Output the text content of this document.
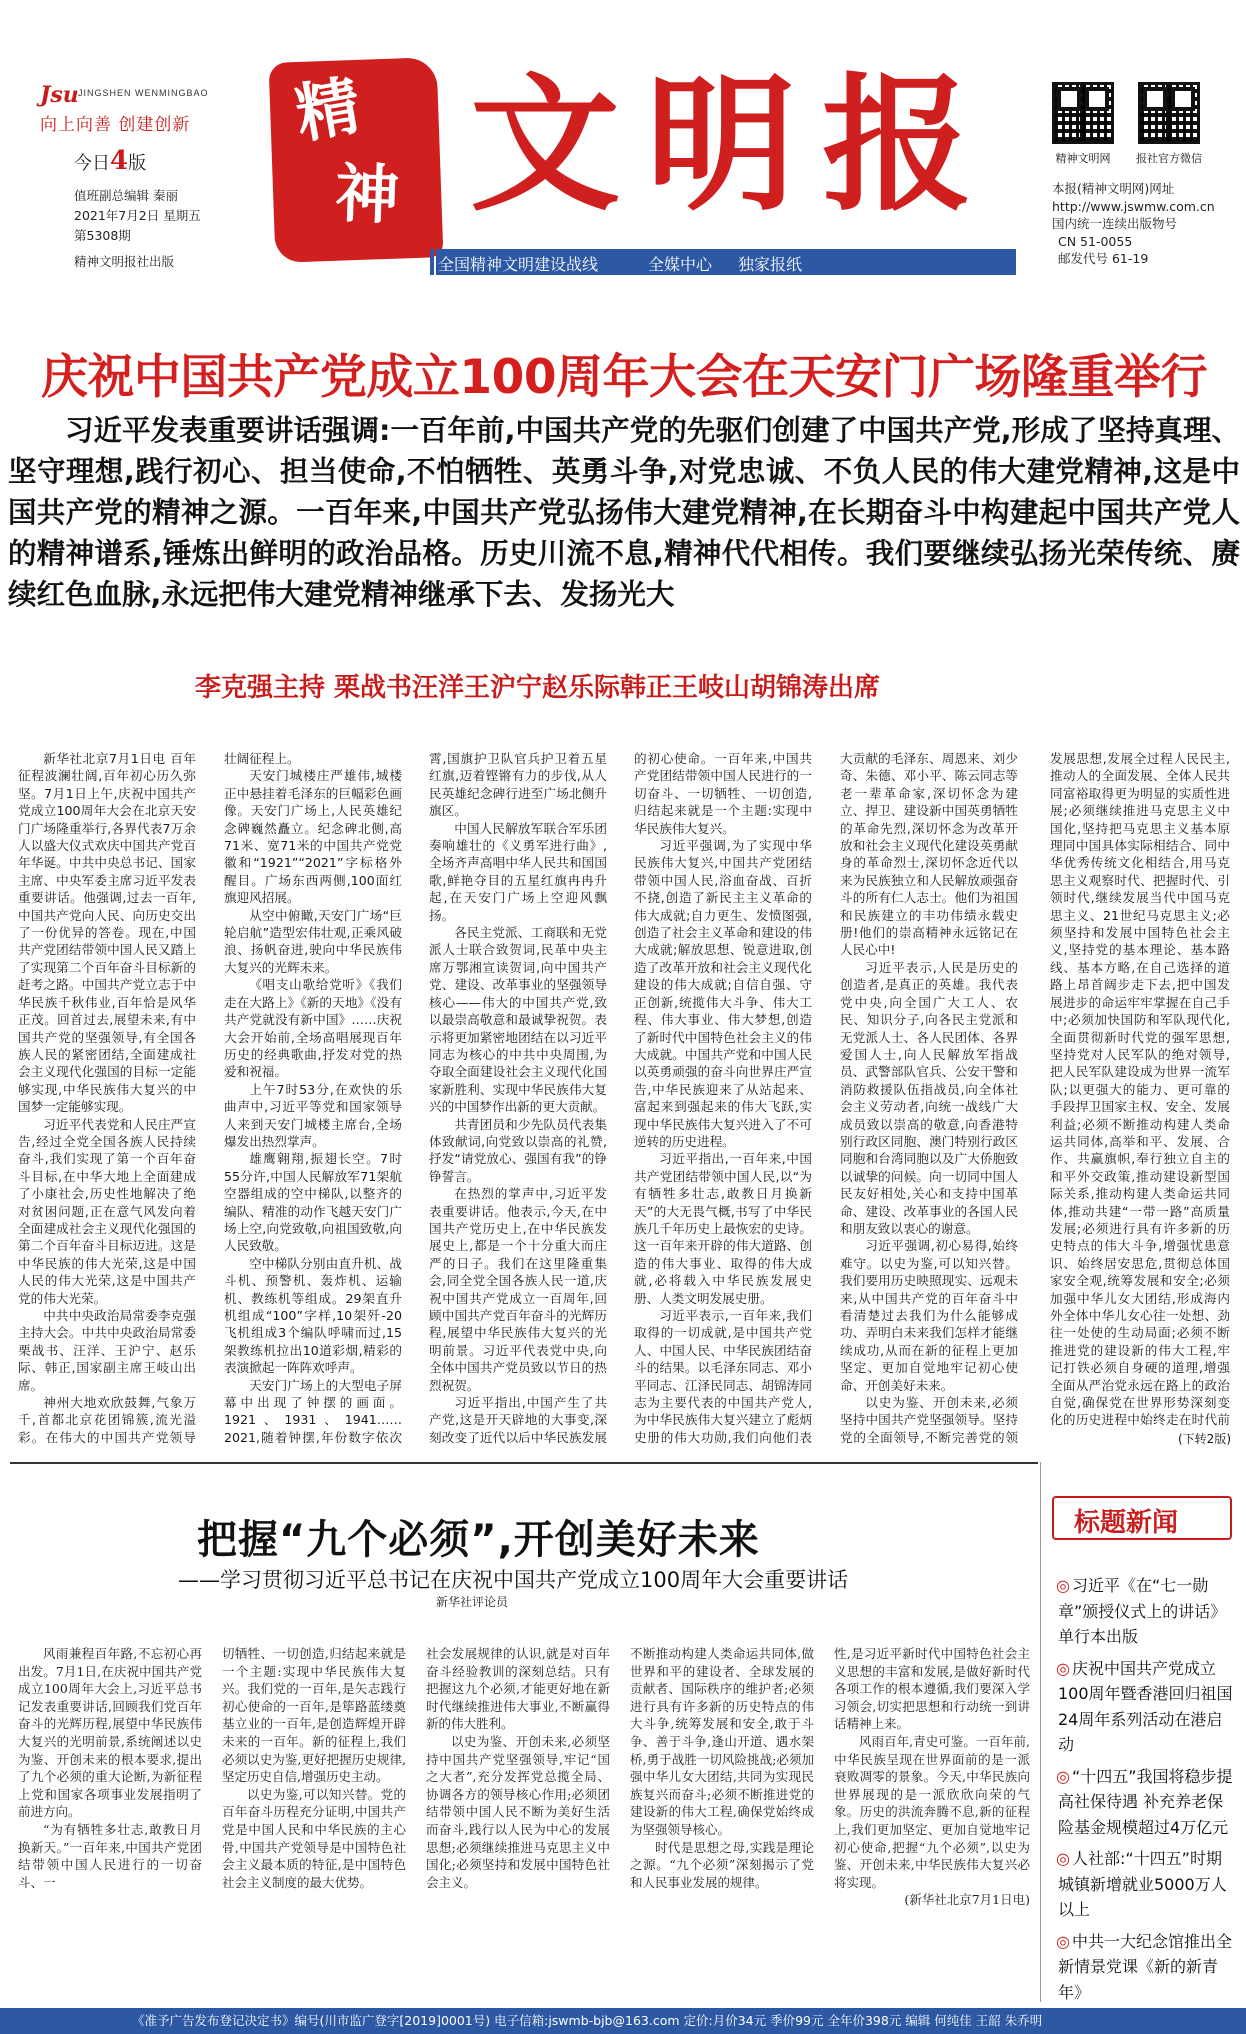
Jsu JINGSHEN WENMINGBAO
向上向善 创建创新
今日4版
值班副总编辑 秦丽
2021年7月2日 星期五
第5308期
精神文明报社出版
精
神 文明报	精神文明网	报社官方微信
本报(精神文明网)网址
http://www.jswmw.com.cn
国内统一连续出版物号
CN 51-0055
邮发代号 61-19
全国精神文明建设战线	全媒中心 独家报纸
庆祝中国共产党成立100周年大会在天安门广场隆重举行
习近平发表重要讲话强调:一百年前,中国共产党的先驱们创建了中国共产党,形成了坚持真理、坚守理想,践行初心、担当使命,不怕牺牲、英勇斗争,对党忠诚、不负人民的伟大建党精神,这是中国共产党的精神之源。一百年来,中国共产党弘扬伟大建党精神,在长期奋斗中构建起中国共产党人的精神谱系,锤炼出鲜明的政治品格。历史川流不息,精神代代相传。我们要继续弘扬光荣传统、赓续红色血脉,永远把伟大建党精神继承下去、发扬光大
李克强主持 栗战书汪洋王沪宁赵乐际韩正王岐山胡锦涛出席

新华社北京7月1日电 百年征程波澜壮阔,百年初心历久弥坚。7月1日上午,庆祝中国共产党成立100周年大会在北京天安门广场隆重举行,各界代表7万余人以盛大仪式欢庆中国共产党百年华诞。中共中央总书记、国家主席、中央军委主席习近平发表重要讲话。他强调,过去一百年,中国共产党向人民、向历史交出了一份优异的答卷。现在,中国共产党团结带领中国人民又踏上了实现第二个百年奋斗目标新的赶考之路。中国共产党立志于中华民族千秋伟业,百年恰是风华正茂。回首过去,展望未来,有中国共产党的坚强领导,有全国各族人民的紧密团结,全面建成社会主义现代化强国的目标一定能够实现,中华民族伟大复兴的中国梦一定能够实现。

习近平代表党和人民庄严宣告,经过全党全国各族人民持续奋斗,我们实现了第一个百年奋斗目标,在中华大地上全面建成了小康社会,历史性地解决了绝对贫困问题,正在意气风发向着全面建成社会主义现代化强国的第二个百年奋斗目标迈进。这是中华民族的伟大光荣,这是中国人民的伟大光荣,这是中国共产党的伟大光荣。

中共中央政治局常委李克强主持大会。中共中央政治局常委栗战书、汪洋、王沪宁、赵乐际、韩正,国家副主席王岐山出席。

神州大地欢欣鼓舞,气象万千,首都北京花团锦簇,流光溢彩。在伟大的中国共产党领导

壮阔征程上。

天安门城楼庄严雄伟,城楼正中悬挂着毛泽东的巨幅彩色画像。天安门广场上,人民英雄纪念碑巍然矗立。纪念碑北侧,高71米、宽71米的中国共产党党徽和“1921”“2021”字标格外醒目。广场东西两侧,100面红旗迎风招展。

从空中俯瞰,天安门广场“巨轮启航”造型宏伟壮观,正乘风破浪、扬帆奋进,驶向中华民族伟大复兴的光辉未来。

《唱支山歌给党听》《我们走在大路上》《新的天地》《没有共产党就没有新中国》……庆祝大会开始前,全场高唱展现百年历史的经典歌曲,抒发对党的热爱和祝福。

上午7时53分,在欢快的乐曲声中,习近平等党和国家领导人来到天安门城楼主席台,全场爆发出热烈掌声。

雄鹰翱翔,振翅长空。7时55分许,中国人民解放军71架航空器组成的空中梯队,以整齐的编队、精准的动作飞越天安门广场上空,向党致敬,向祖国致敬,向人民致敬。

空中梯队分别由直升机、战斗机、预警机、轰炸机、运输机、教练机等组成。29架直升机组成“100”字样,10架歼-20飞机组成3个编队呼啸而过,15架教练机拉出10道彩烟,精彩的表演掀起一阵阵欢呼声。

天安门广场上的大型电子屏幕中出现了钟摆的画面。1921、1931、1941……2021,随着钟摆,年份数字依次

霄,国旗护卫队官兵护卫着五星红旗,迈着铿锵有力的步伐,从人民英雄纪念碑行进至广场北侧升旗区。

中国人民解放军联合军乐团奏响雄壮的《义勇军进行曲》,全场齐声高唱中华人民共和国国歌,鲜艳夺目的五星红旗冉冉升起,在天安门广场上空迎风飘扬。

各民主党派、工商联和无党派人士联合致贺词,民革中央主席万鄂湘宣读贺词,向中国共产党、建设、改革事业的坚强领导核心——伟大的中国共产党,致以最崇高敬意和最诚挚祝贺。表示将更加紧密地团结在以习近平同志为核心的中共中央周围,为夺取全面建设社会主义现代化国家新胜利、实现中华民族伟大复兴的中国梦作出新的更大贡献。

共青团员和少先队员代表集体致献词,向党致以崇高的礼赞,抒发“请党放心、强国有我”的铮铮誓言。

在热烈的掌声中,习近平发表重要讲话。他表示,今天,在中国共产党历史上,在中华民族发展史上,都是一个十分重大而庄严的日子。我们在这里隆重集会,同全党全国各族人民一道,庆祝中国共产党成立一百周年,回顾中国共产党百年奋斗的光辉历程,展望中华民族伟大复兴的光明前景。习近平代表党中央,向全体中国共产党员致以节日的热烈祝贺。

习近平指出,中国产生了共产党,这是开天辟地的大事变,深刻改变了近代以后中华民族发展

的初心使命。一百年来,中国共产党团结带领中国人民进行的一切奋斗、一切牺牲、一切创造,归结起来就是一个主题:实现中华民族伟大复兴。

习近平强调,为了实现中华民族伟大复兴,中国共产党团结带领中国人民,浴血奋战、百折不挠,创造了新民主主义革命的伟大成就;自力更生、发愤图强,创造了社会主义革命和建设的伟大成就;解放思想、锐意进取,创造了改革开放和社会主义现代化建设的伟大成就;自信自强、守正创新,统揽伟大斗争、伟大工程、伟大事业、伟大梦想,创造了新时代中国特色社会主义的伟大成就。中国共产党和中国人民以英勇顽强的奋斗向世界庄严宣告,中华民族迎来了从站起来、富起来到强起来的伟大飞跃,实现中华民族伟大复兴进入了不可逆转的历史进程。

习近平指出,一百年来,中国共产党团结带领中国人民,以“为有牺牲多壮志,敢教日月换新天”的大无畏气概,书写了中华民族几千年历史上最恢宏的史诗。这一百年来开辟的伟大道路、创造的伟大事业、取得的伟大成就,必将载入中华民族发展史册、人类文明发展史册。

习近平表示,一百年来,我们取得的一切成就,是中国共产党人、中国人民、中华民族团结奋斗的结果。以毛泽东同志、邓小平同志、江泽民同志、胡锦涛同志为主要代表的中国共产党人,为中华民族伟大复兴建立了彪炳史册的伟大功勋,我们向他们表

大贡献的毛泽东、周恩来、刘少奇、朱德、邓小平、陈云同志等老一辈革命家,深切怀念为建立、捍卫、建设新中国英勇牺牲的革命先烈,深切怀念为改革开放和社会主义现代化建设英勇献身的革命烈士,深切怀念近代以来为民族独立和人民解放顽强奋斗的所有仁人志士。他们为祖国和民族建立的丰功伟绩永载史册!他们的崇高精神永远铭记在人民心中!

习近平表示,人民是历史的创造者,是真正的英雄。我代表党中央,向全国广大工人、农民、知识分子,向各民主党派和无党派人士、各人民团体、各界爱国人士,向人民解放军指战员、武警部队官兵、公安干警和消防救援队伍指战员,向全体社会主义劳动者,向统一战线广大成员致以崇高的敬意,向香港特别行政区同胞、澳门特别行政区同胞和台湾同胞以及广大侨胞致以诚挚的问候。向一切同中国人民友好相处,关心和支持中国革命、建设、改革事业的各国人民和朋友致以衷心的谢意。

习近平强调,初心易得,始终难守。以史为鉴,可以知兴替。我们要用历史映照现实、远观未来,从中国共产党的百年奋斗中看清楚过去我们为什么能够成功、弄明白未来我们怎样才能继续成功,从而在新的征程上更加坚定、更加自觉地牢记初心使命、开创美好未来。

以史为鉴、开创未来,必须坚持中国共产党坚强领导。坚持党的全面领导,不断完善党的领

发展思想,发展全过程人民民主,推动人的全面发展、全体人民共同富裕取得更为明显的实质性进展;必须继续推进马克思主义中国化,坚持把马克思主义基本原理同中国具体实际相结合、同中华优秀传统文化相结合,用马克思主义观察时代、把握时代、引领时代,继续发展当代中国马克思主义、21世纪马克思主义;必须坚持和发展中国特色社会主义,坚持党的基本理论、基本路线、基本方略,在自己选择的道路上昂首阔步走下去,把中国发展进步的命运牢牢掌握在自己手中;必须加快国防和军队现代化,全面贯彻新时代党的强军思想,坚持党对人民军队的绝对领导,把人民军队建设成为世界一流军队;以更强大的能力、更可靠的手段捍卫国家主权、安全、发展利益;必须不断推动构建人类命运共同体,高举和平、发展、合作、共赢旗帜,奉行独立自主的和平外交政策,推动建设新型国际关系,推动构建人类命运共同体,推动共建“一带一路”高质量发展;必须进行具有许多新的历史特点的伟大斗争,增强忧患意识、始终居安思危,贯彻总体国家安全观,统筹发展和安全;必须加强中华儿女大团结,形成海内外全体中华儿女心往一处想、劲往一处使的生动局面;必须不断推进党的建设新的伟大工程,牢记打铁必须自身硬的道理,增强全面从严治党永远在路上的政治自觉,确保党在世界形势深刻变化的历史进程中始终走在时代前

(下转2版)
把握“九个必须”,开创美好未来
——学习贯彻习近平总书记在庆祝中国共产党成立100周年大会重要讲话
新华社评论员

风雨兼程百年路,不忘初心再出发。7月1日,在庆祝中国共产党成立100周年大会上,习近平总书记发表重要讲话,回顾我们党百年奋斗的光辉历程,展望中华民族伟大复兴的光明前景,系统阐述以史为鉴、开创未来的根本要求,提出了九个必须的重大论断,为新征程上党和国家各项事业发展指明了前进方向。

“为有牺牲多壮志,敢教日月换新天。”一百年来,中国共产党团结带领中国人民进行的一切奋斗、一

切牺牲、一切创造,归结起来就是一个主题:实现中华民族伟大复兴。我们党的一百年,是矢志践行初心使命的一百年,是筚路蓝缕奠基立业的一百年,是创造辉煌开辟未来的一百年。新的征程上,我们必须以史为鉴,更好把握历史规律,坚定历史自信,增强历史主动。

以史为鉴,可以知兴替。党的百年奋斗历程充分证明,中国共产党是中国人民和中华民族的主心骨,中国共产党领导是中国特色社会主义最本质的特征,是中国特色社会主义制度的最大优势。

社会发展规律的认识,就是对百年奋斗经验教训的深刻总结。只有把握这九个必须,才能更好地在新时代继续推进伟大事业,不断赢得新的伟大胜利。

以史为鉴、开创未来,必须坚持中国共产党坚强领导,牢记“国之大者”,充分发挥党总揽全局、协调各方的领导核心作用;必须团结带领中国人民不断为美好生活而奋斗,践行以人民为中心的发展思想;必须继续推进马克思主义中国化;必须坚持和发展中国特色社会主义。

不断推动构建人类命运共同体,做世界和平的建设者、全球发展的贡献者、国际秩序的维护者;必须进行具有许多新的历史特点的伟大斗争,统筹发展和安全,敢于斗争、善于斗争,逢山开道、遇水架桥,勇于战胜一切风险挑战;必须加强中华儿女大团结,共同为实现民族复兴而奋斗;必须不断推进党的建设新的伟大工程,确保党始终成为坚强领导核心。

时代是思想之母,实践是理论之源。“九个必须”深刻揭示了党和人民事业发展的规律。

性,是习近平新时代中国特色社会主义思想的丰富和发展,是做好新时代各项工作的根本遵循,我们要深入学习领会,切实把思想和行动统一到讲话精神上来。

风雨百年,青史可鉴。一百年前,中华民族呈现在世界面前的是一派衰败凋零的景象。今天,中华民族向世界展现的是一派欣欣向荣的气象。历史的洪流奔腾不息,新的征程上,我们更加坚定、更加自觉地牢记初心使命,把握“九个必须”,以史为鉴、开创未来,中华民族伟大复兴必将实现。

(新华社北京7月1日电)

标题新闻
◎ 习近平《在“七一勋章”颁授仪式上的讲话》单行本出版
◎ 庆祝中国共产党成立100周年暨香港回归祖国24周年系列活动在港启动
◎ “十四五”我国将稳步提高社保待遇 补充养老保险基金规模超过4万亿元
◎ 人社部:“十四五”时期城镇新增就业5000万人以上
◎ 中共一大纪念馆推出全新情景党课《新的新青年》
《准予广告发布登记决定书》编号(川市监广登字[2019]0001号) 电子信箱:jswmb-bjb@163.com 定价:月价34元 季价99元 全年价398元 编辑 何纯佳 王韶 朱乔明
